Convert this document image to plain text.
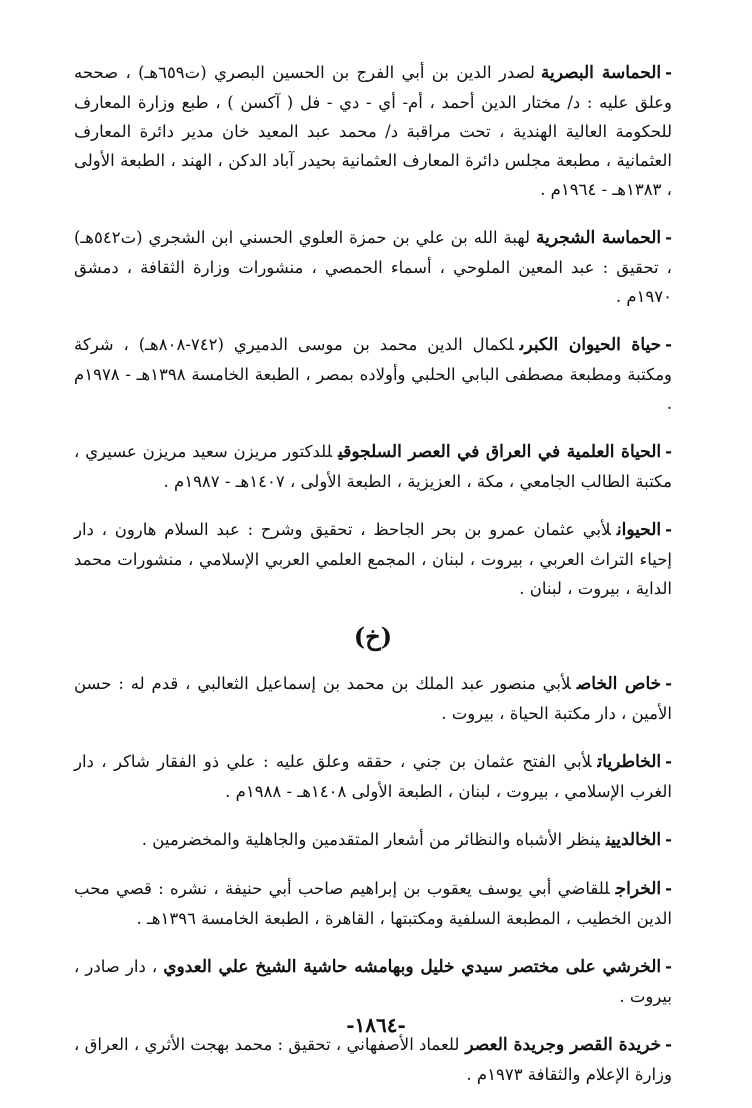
-الحماسة البصريةلصدر الدين بن أبي الفرج بن الحسين البصري (ت٦٥٩هـ) ، صححه وعلق عليه : د/ مختار الدين أحمد ، أم- أي - دي - فل ( آكسن ) ، طبع وزارة المعارف للحكومة العالية الهندية ، تحت مراقبة د/ محمد عبد المعيد خان مدير دائرة المعارف العثمانية ، مطبعة مجلس دائرة المعارف العثمانية بحيدر آباد الدكن ، الهند ، الطبعة الأولى ، ١٣٨٣هـ - ١٩٦٤م .

-الحماسة الشجريةلهبة الله بن علي بن حمزة العلوي الحسني ابن الشجري (ت٥٤٢هـ) ، تحقيق : عبد المعين الملوحي ، أسماء الحمصي ، منشورات وزارة الثقافة ، دمشق ١٩٧٠م .

-حياة الحيوان الكبرىلكمال الدين محمد بن موسى الدميري (٧٤٢-٨٠٨هـ) ، شركة ومكتبة ومطبعة مصطفى البابي الحلبي وأولاده بمصر ، الطبعة الخامسة ١٣٩٨هـ - ١٩٧٨م .

-الحياة العلمية في العراق في العصر السلجوقيللدكتور مريزن سعيد مريزن عسيري ، مكتبة الطالب الجامعي ، مكة ، العزيزية ، الطبعة الأولى ، ١٤٠٧هـ - ١٩٨٧م .

-الحيوانلأبي عثمان عمرو بن بحر الجاحظ ، تحقيق وشرح : عبد السلام هارون ، دار إحياء التراث العربي ، بيروت ، لبنان ، المجمع العلمي العربي الإسلامي ، منشورات محمد الداية ، بيروت ، لبنان .

(خ)

-خاص الخاصلأبي منصور عبد الملك بن محمد بن إسماعيل الثعالبي ، قدم له : حسن الأمين ، دار مكتبة الحياة ، بيروت .

-الخاطرياتلأبي الفتح عثمان بن جني ، حققه وعلق عليه : علي ذو الفقار شاكر ، دار الغرب الإسلامي ، بيروت ، لبنان ، الطبعة الأولى ١٤٠٨هـ - ١٩٨٨م .

-الخالديينينظر الأشباه والنظائر من أشعار المتقدمين والجاهلية والمخضرمين .

-الخراجللقاضي أبي يوسف يعقوب بن إبراهيم صاحب أبي حنيفة ، نشره : قصي محب الدين الخطيب ، المطبعة السلفية ومكتبتها ، القاهرة ، الطبعة الخامسة ١٣٩٦هـ .

-الخرشي على مختصر سيدي خليل وبهامشه حاشية الشيخ علي العدوي، دار صادر ، بيروت .

-خريدة القصر وجريدة العصرللعماد الأصفهاني ، تحقيق : محمد بهجت الأثري ، العراق ، وزارة الإعلام والثقافة ١٩٧٣م .

-١٨٦٤-
